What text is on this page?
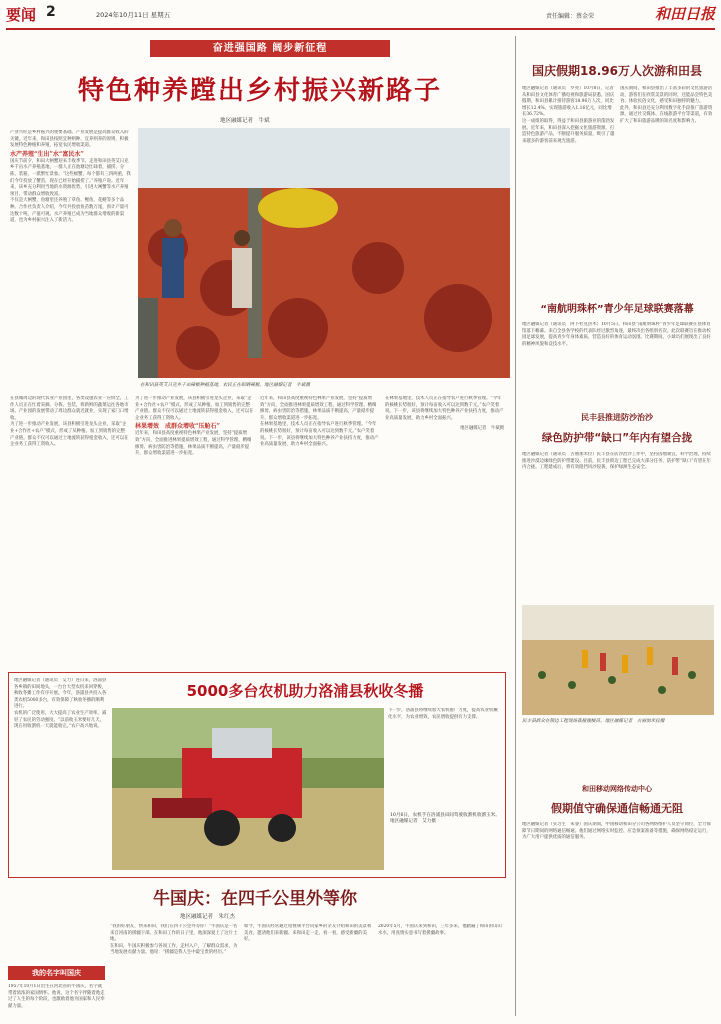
要闻 2	2024年10月11日 星期五	责任编辑：蔡金荣	和田日报
奋进强国路 阔步新征程
特色种养蹚出乡村振兴新路子
地区融媒记者　牛斌

产业兴旺是乡村振兴的重要基础。产业发展是提高群众收入的关键。近年来，和田县按照宜种则种、宜养则养的原则，积极发展特色种植和养殖，拓宽农民增收渠道。

水产养殖“生出”水“富民水”

国庆节前夕，和田大闸蟹迎来丰收季节。走进和田县英艾日克乡千亩水产养殖基地，一群人正在池塘边忙碌着，捕捞、分拣、装箱，一派繁忙景象。“这些螃蟹，每个都有三四两重，我们今年投放了蟹苗，现在已经开始捕捞了。”养殖户说。近年来，该乡充分利用当地的水资源优势，引进大闸蟹等水产养殖项目，带动群众增收致富。

不仅是大闸蟹，鱼塘里还养殖了草鱼、鲤鱼、花鲢等多个品种。合作社负责人介绍，今年共投放鱼苗数万尾，预计产量可达数十吨，产值可观。水产养殖已成为当地群众增收的新渠道，也为乡村振兴注入了新活力。

在和田县英艾日克乡千亩辣椒种植基地，农民正在晾晒辣椒。地区融媒记者　牛斌摄

在县城周边的现代农业产业园里，各类设施农业一应俱全。工作人员正在忙着采摘、分拣、包装，将新鲜的蔬菜运往各地市场。产业园的发展带动了周边群众就近就业，实现了家门口增收。

为了进一步推动产业发展，该县积极引进龙头企业，采取“企业+合作社+农户”模式，形成了从种植、加工到销售的完整产业链。群众不仅可以通过土地流转获得租金收入，还可以在企业务工获得工资收入。

为了进一步推动产业发展，该县积极引进龙头企业，采取“企业+合作社+农户”模式，形成了从种植、加工到销售的完整产业链。群众不仅可以通过土地流转获得租金收入，还可以在企业务工获得工资收入。

林果增效　成群众增收“压舱石”

近年来，和田县高度重视特色林果产业发展，坚持“提质增效”方向，全面推进林果提质增效工程，通过科学管理、精细修剪、病虫害防治等措施，林果品质不断提高，产量稳步提升，群众增收渠道进一步拓宽。

近年来，和田县高度重视特色林果产业发展，坚持“提质增效”方向，全面推进林果提质增效工程，通过科学管理、精细修剪、病虫害防治等措施，林果品质不断提高，产量稳步提升，群众增收渠道进一步拓宽。

在林果基地里，技术人员正在指导农户进行秋季管理。“今年的核桃长势很好，预计每亩收入可以达到数千元。”农户笑着说。下一步，该县将继续加大特色种养产业扶持力度，推动产业高质量发展，助力乡村全面振兴。

在林果基地里，技术人员正在指导农户进行秋季管理。“今年的核桃长势很好，预计每亩收入可以达到数千元。”农户笑着说。下一步，该县将继续加大特色种养产业扶持力度，推动产业高质量发展，助力乡村全面振兴。

地区融媒记者　牛斌摄

国庆假期18.96万人次游和田县

地区融媒记者（通讯员　罗亮）10月8日，记者从和田县文化体育广播电视和旅游局获悉，国庆假期，和田县累计接待游客18.96万人次，同比增长12.4%，实现旅游收入1.16亿元，同比增长36.72%。

这一成绩的取得，得益于和田县旅游业的蓬勃发展。近年来，和田县深入挖掘文化旅游资源，打造特色旅游产品，不断提升服务质量，吸引了越来越多的游客前来观光旅游。

国庆期间，和田县推出了丰富多彩的文化旅游活动，游客们在欣赏美景的同时，还能品尝特色美食、体验民俗文化，感受和田独特的魅力。

此外，和田县还充分利用数字化手段推广旅游资源，通过社交媒体、在线旅游平台等渠道，有效扩大了和田旅游品牌的知名度和影响力。

“南航明珠杯”青少年足球联赛落幕
地区融媒记者（通讯员　阿卜杜克热木）10月5日，和田县“南航明珠杯”青少年足球联赛在县体育馆落下帷幕。来自全县各学校的代表队经过激烈角逐，最终决出各组别名次。此次联赛旨在推动校园足球发展，提高青少年身体素质，营造良好的体育运动氛围。比赛期间，小球员们展现出了良好的精神风貌和竞技水平。
民丰县推进防沙治沙
绿色防护带“缺口”年内有望合拢
地区融媒记者（通讯员　古丽加米拉）民丰县在防沙治沙工作中，坚持因地制宜、科学治理，持续推进沙漠边缘绿色防护带建设。目前，民丰县锁边工程已完成大部分任务，防护带“缺口”有望在年内合拢。工程建成后，将有效阻挡风沙侵袭，保护绿洲生态安全。
民丰县群众在锁边工程现场栽植梭梭苗。地区融媒记者　古丽加米拉摄
和田移动网络传动中心
假期值守确保通信畅通无阻
地区融媒记者（实习生　朱睿）国庆期间，中国移动和田分公司各网络维护人员坚守岗位，全力保障节日期间的网络通信畅通。他们通过网络实时监控、应急预案准备等措施，确保网络稳定运行，为广大用户提供优质的通信服务。
5000多台农机助力洛浦县秋收冬播

地区融媒记者（通讯员　艾力）连日来，洛浦县各乡镇的田间地头，一台台大型农机来回穿梭，秋收冬播工作有序开展。今年，洛浦县共投入各类农机5000多台，有效保障了秋收冬播的顺利进行。

农机的广泛使用，大大提高了农业生产效率，减轻了农民的劳动强度。“以前收玉米要好几天，现在用收割机一天就能收完。”农户高兴地说。

下一步，洛浦县将继续加大农机推广力度，提高农业机械化水平，为农业增效、农民增收提供有力支撑。

10月6日，农机手在洛浦县田间驾驶收割机收割玉米。地区融媒记者　艾力摄
牛国庆：在四千公里外等你
地区融媒记者　朱红杰

“我的好朋友，快来和田，我们在四千公里外等你！”牛国庆是一名来自河南的援疆干部，在和田工作的日子里，他深深爱上了这片土地。

在和田，牛国庆积极参与各项工作，走村入户，了解群众需求，为当地发展贡献力量。他说：“援疆是我人生中最宝贵的经历。”

如今，牛国庆经常通过短视频平台向家乡的亲友介绍和田的美景和美食，邀请他们来新疆、来和田走一走、看一看，感受新疆的美好。

2020年5月，牛国庆来到和田，三年多来，他踏遍了和田的山山水水，用真情实意书写着援疆故事。

我的名字叫国庆
1957年10月1日出生在河北省的牛国庆，名字就带着浓浓的家国情怀。他说，这个名字伴随着他走过了人生的每个阶段，也激励着他为国家和人民奉献力量。
